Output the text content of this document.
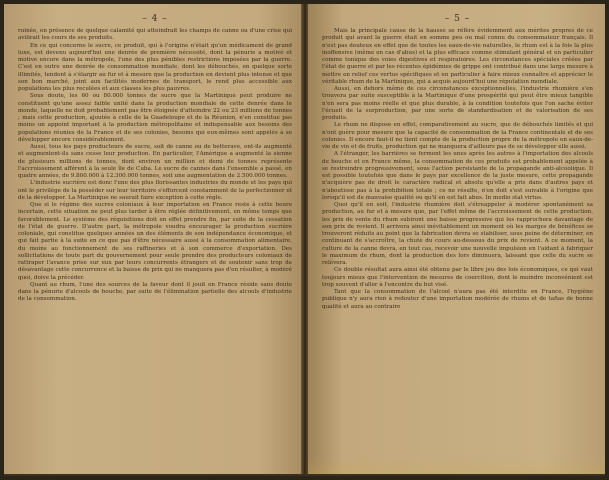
– 4 –

ruinée, en présence de quelque calamité qui atteindrait les champs de canne ou d'une crise qui avilirait les cours de ses produits.

En ce qui concerne le sucre, ce produit, qui à l'origine n'était qu'un médicament de grand luxe, est devenu aujourd'hui une denrée de première nécessité, dont la pénurie a motivé et motive encore dans la métropole, l'une des plus pénibles restrictions imposées par la guerre. C'est en outre une denrée de consommation mondiale, dont les débouchés, en quelque sorte illimités, tendent à s'élargir au fur et à mesure que la production en devient plus intense et que son bon marché, joint aux facilités modernes de transport, le rend plus accessible aux populations les plus reculées et aux classes les plus pauvres.

Sous doute, les 60 ou 80.000 tonnes de sucre que la Martinique peut produire ne constituent qu'une assez faible unité dans la production mondiale de cette denrée dans le monde, laquelle ne doit probablement pas être éloignée d'atteindre 22 ou 23 millions de tonnes ; mais cette production, ajoutée à celle de la Guadeloupe et de la Réunion, n'en constitue pas moins un appoint important à la production métropolitaine et indispensable aux besoins des populations réunies de la France et de ses colonies, besoins qui eux-mêmes sont appelés à se développer encore considérablement.

Aussi, tous les pays producteurs de sucre, soit de canne ou de betterave, ont-ils augmenté et augmentent-ils sans cesse leur production. En particulier, l'Amérique a augmenté la sienne de plusieurs millions de tonnes, dont environ un million et demi de tonnes représente l'accroissement afférent à la seule île de Cuba. Le sucre de cannes dans l'ensemble a passé, en quatre années, de 9.800.000 à 12.300.000 tonnes, soit une augmentation de 2.500.000 tonnes.

L'industrie sucrière est donc l'une des plus florissantes industries du monde et les pays qui ont le privilège de la posséder sur leur territoire s'efforcent constamment de la perfectionner et de la développer. La Martinique ne saurait faire exception à cette règle.

Que si le régime des sucres coloniaux à leur importation en France reste à cette heure incertain, cette situation ne peut plus tarder à être réglée définitivement, en même temps que favorablement. Le système des réquisitions doit en effet prendre fin, par suite de la cessation de l'état de guerre. D'autre part, la métropole voudra encourager la production sucrière coloniale, qui constitue quelques années un des éléments de son indépendance économique, et qui fait partie à la suite en ce que pas d'être nécessaire aussi à la consommation alimentaire, du moins au fonctionnement de ses raffineries et à son commerce d'exportation. Des sollicitations de toute part du gouvernement pour seule prendre des producteurs coloniaux de rattraper l'avance prise sur eux par leurs concurrents étrangers et de soutenir sans trop de désavantage cette concurrence et la baisse de prix qui ne manquera pas d'en résulter, à modéré quoi, doive la précéder.

Quant au rhum, l'une des sources de la faveur dont il jouit en France réside sans doute dans la pénurie d'alcools de bouche, par suite de l'élimination partielle des alcools d'industrie de la consommation.

– 5 –

Mais la principale cause de la hausse se réfère évidemment aux mérites propres de ce produit qui avant la guerre était en somme peu ou mal connu du consommateur français. Il n'est pas douteux en effet que de toutes les eaux-de-vie naturelles, le rhum est à la fois la plus inoffensive (même en cas d'abus) et la plus efficace comme stimulant général et en particulier comme tonique des voies digestives et respiratoires. Les circonstances spéciales créées par l'état de guerre et par les récentes épidémies de grippe ont contribué dans une large mesure à mettre en relief ces vertus spécifiques et en particulier à faire mieux connaître et apprécier le véritable rhum de la Martinique, qui a acquis aujourd'hui une réputation mondiale.

Aussi, en dehors même de ces circonstances exceptionnelles, l'industrie rhumière s'en trouvera par suite susceptible à la Martinique d'une prospérité qui peut être mieux tangible n'en sera pas moins réelle et que plus durable, à la condition toutefois que l'on sache éviter l'écueil de la surproduction, par une sorte de standardisation et de valorisation de ses produits.

Le rhum ne dispose en effet, comparativement au sucre, que de débouchés limités et qui n'ont guère pour mesure que la capacité de consommation de la France continentale et de ses colonies. Il encore faut-il ne tient compte de la production propre de la métropole en eaux-de-vie de vin et de fruits, production qui ne manquera d'ailleurs pas de se développer elle aussi.

A l'étranger, les barrières se ferment les unes après les autres à l'importation des alcools de bouche et en France même, la consommation de ces produits est probablement appelée à se restreindre progressivement, sous l'action persistante de la propagande anti-alcoolique. Il est possible toutefois que dans le pays par excellence de la juste mesure, cette propagande n'acquière pas de droit le caractère radical et absolu qu'elle a pris dans d'autres pays et n'aboutisse pas à la prohibition totale ; ce ne résulte, n'en doit s'est suivable à l'origine que lorsqu'il est de mauvaise qualité ou qu'il en est fait abus. In medio stat virtus.

Quoi qu'il en soit, l'industrie rhumière doit s'étreappeler à modérer spontanément sa production, au fur et à mesure que, par l'effet même de l'accroissement de cette production, les prix de vente du rhum subiront une baisse progressive qui les rapprochera davantage de son prix de revient. Il arrivera ainsi inévitablement un moment où les marges de bénéfices se trouveront réduits au point que la fabrication devra se stabiliser, sous peine de déterminer, en continuant de s'accroître, la chute du cours au-dessous du prix de revient. A ce moment, la culture de la canne devra, en tout cas, recevoir une nouvelle impulsion en l'aidant à fabriquer le maximum de rhum, dont la production des lors diminuera, laissant que celle du sucre se relèvera.

Ce double résultat aura ainsi été obtenu par le libre jeu des lois économiques, ce qui vaut toujours mieux que l'intervention de mesures de coercition, dont le moindre inconvénient est trop souvent d'aller à l'encontre du but visé.

Tant que la consommation de l'alcool n'aura pas été interdite en France, l'hygiène publique n'y aura rien à redouter d'une importation modérée de rhums et de tafias de bonne qualité et aura au contraire
